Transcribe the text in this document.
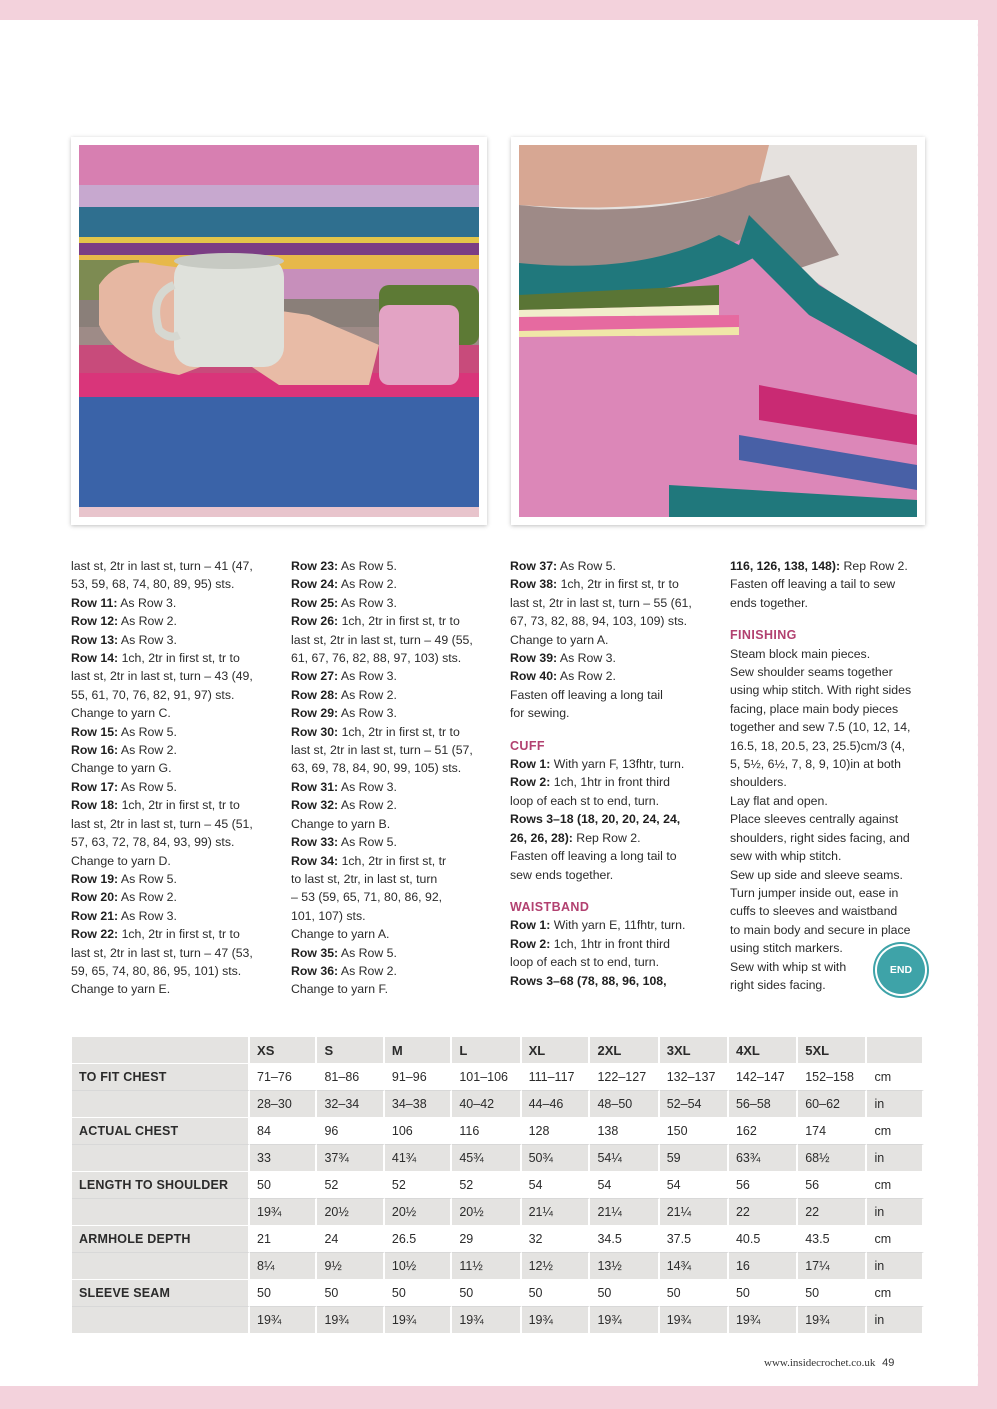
last st, 2tr in last st, turn – 41 (47,
53, 59, 68, 74, 80, 89, 95) sts.
Row 11: As Row 3.
Row 12: As Row 2.
Row 13: As Row 3.
Row 14: 1ch, 2tr in first st, tr to
last st, 2tr in last st, turn – 43 (49,
55, 61, 70, 76, 82, 91, 97) sts.
Change to yarn C.
Row 15: As Row 5.
Row 16: As Row 2.
Change to yarn G.
Row 17: As Row 5.
Row 18: 1ch, 2tr in first st, tr to
last st, 2tr in last st, turn – 45 (51,
57, 63, 72, 78, 84, 93, 99) sts.
Change to yarn D.
Row 19: As Row 5.
Row 20: As Row 2.
Row 21: As Row 3.
Row 22: 1ch, 2tr in first st, tr to
last st, 2tr in last st, turn – 47 (53,
59, 65, 74, 80, 86, 95, 101) sts.
Change to yarn E.
Row 23: As Row 5.
Row 24: As Row 2.
Row 25: As Row 3.
Row 26: 1ch, 2tr in first st, tr to
last st, 2tr in last st, turn – 49 (55,
61, 67, 76, 82, 88, 97, 103) sts.
Row 27: As Row 3.
Row 28: As Row 2.
Row 29: As Row 3.
Row 30: 1ch, 2tr in first st, tr to
last st, 2tr in last st, turn – 51 (57,
63, 69, 78, 84, 90, 99, 105) sts.
Row 31: As Row 3.
Row 32: As Row 2.
Change to yarn B.
Row 33: As Row 5.
Row 34: 1ch, 2tr in first st, tr
to last st, 2tr, in last st, turn
– 53 (59, 65, 71, 80, 86, 92,
101, 107) sts.
Change to yarn A.
Row 35: As Row 5.
Row 36: As Row 2.
Change to yarn F.
Row 37: As Row 5.
Row 38: 1ch, 2tr in first st, tr to
last st, 2tr in last st, turn – 55 (61,
67, 73, 82, 88, 94, 103, 109) sts.
Change to yarn A.
Row 39: As Row 3.
Row 40: As Row 2.
Fasten off leaving a long tail
for sewing.
CUFF
Row 1: With yarn F, 13fhtr, turn.
Row 2: 1ch, 1htr in front third
loop of each st to end, turn.
Rows 3–18 (18, 20, 20, 24, 24,
26, 26, 28): Rep Row 2.
Fasten off leaving a long tail to
sew ends together.
WAISTBAND
Row 1: With yarn E, 11fhtr, turn.
Row 2: 1ch, 1htr in front third
loop of each st to end, turn.
Rows 3–68 (78, 88, 96, 108,
116, 126, 138, 148): Rep Row 2.
Fasten off leaving a tail to sew
ends together.
FINISHING
Steam block main pieces.
Sew shoulder seams together
using whip stitch. With right sides
facing, place main body pieces
together and sew 7.5 (10, 12, 14,
16.5, 18, 20.5, 23, 25.5)cm/3 (4,
5, 5½, 6½, 7, 8, 9, 10)in at both
shoulders.
Lay flat and open.
Place sleeves centrally against
shoulders, right sides facing, and
sew with whip stitch.
Sew up side and sleeve seams.
Turn jumper inside out, ease in
cuffs to sleeves and waistband
to main body and secure in place
using stitch markers.
Sew with whip st with
right sides facing.
END
	XS	S	M	L	XL	2XL	3XL	4XL	5XL	
TO FIT CHEST	71–76	81–86	91–96	101–106	111–117	122–127	132–137	142–147	152–158	cm
	28–30	32–34	34–38	40–42	44–46	48–50	52–54	56–58	60–62	in
ACTUAL CHEST	84	96	106	116	128	138	150	162	174	cm
	33	37¾	41¾	45¾	50¾	54¼	59	63¾	68½	in
LENGTH TO SHOULDER	50	52	52	52	54	54	54	56	56	cm
	19¾	20½	20½	20½	21¼	21¼	21¼	22	22	in
ARMHOLE DEPTH	21	24	26.5	29	32	34.5	37.5	40.5	43.5	cm
	8¼	9½	10½	11½	12½	13½	14¾	16	17¼	in
SLEEVE SEAM	50	50	50	50	50	50	50	50	50	cm
	19¾	19¾	19¾	19¾	19¾	19¾	19¾	19¾	19¾	in
www.insidecrochet.co.uk 49
